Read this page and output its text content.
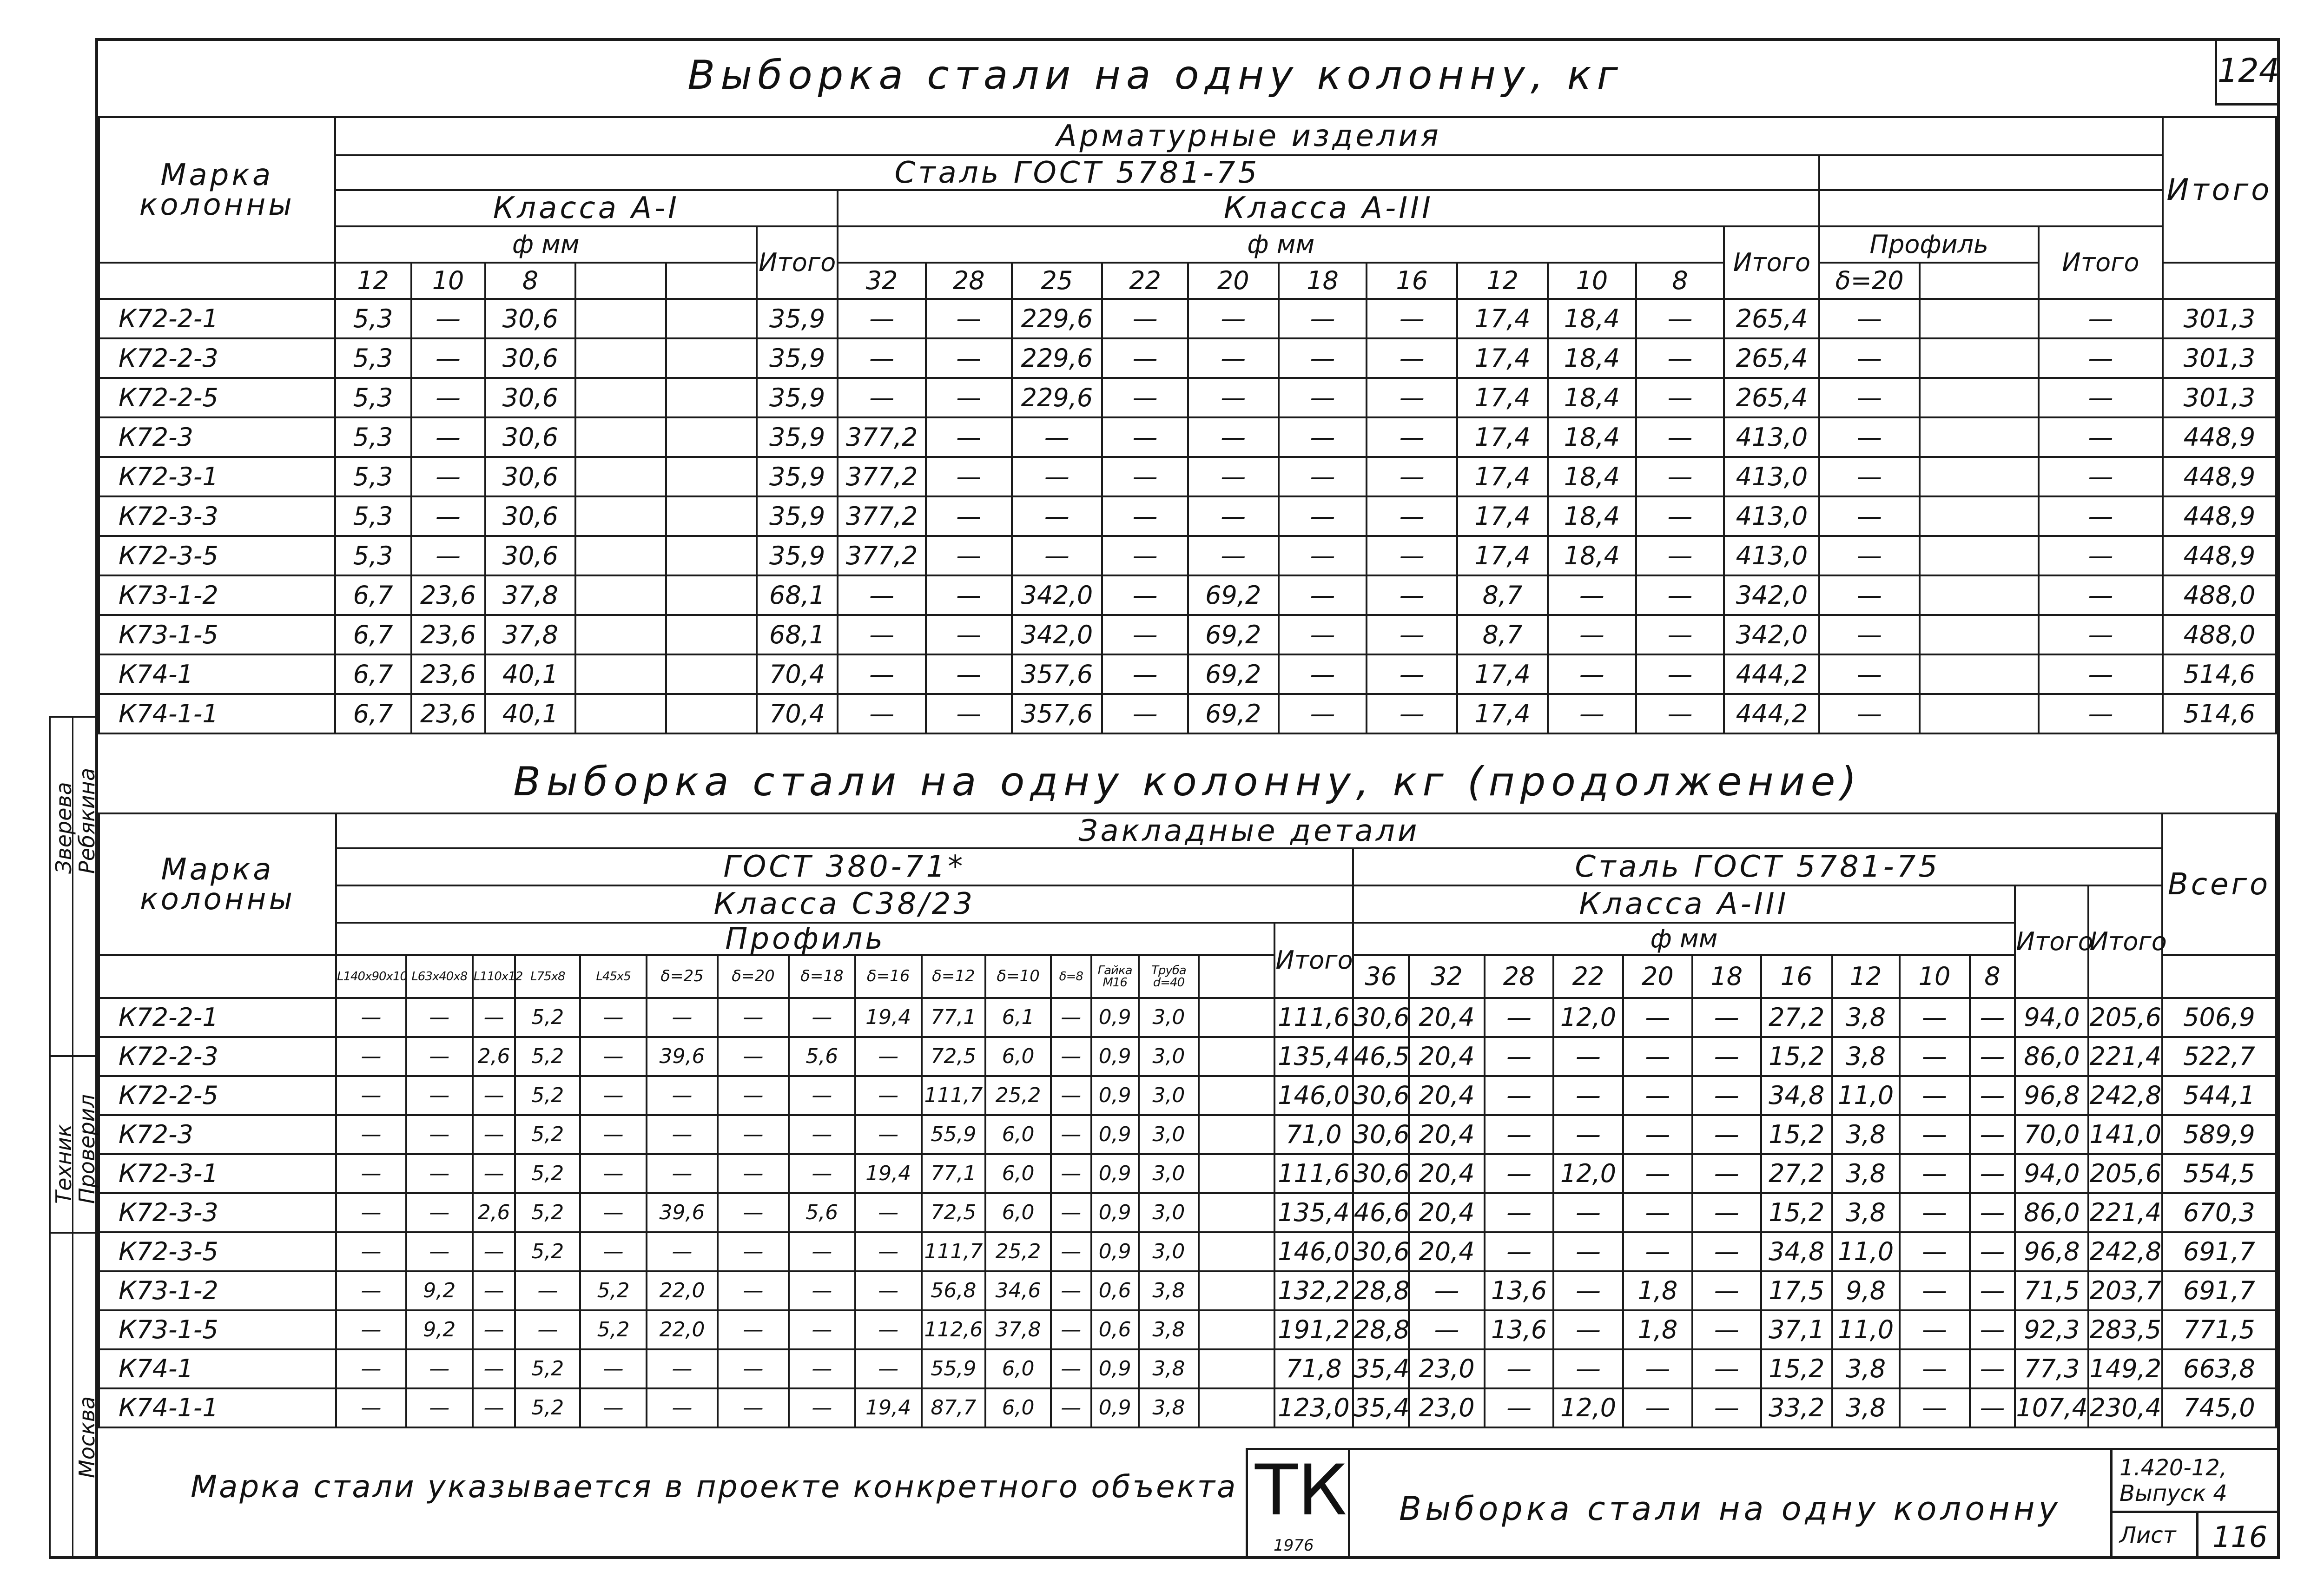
124
Выборка стали на одну колонну, кг
Марка колонны	Арматурные изделия																				Итого
	Сталь ГОСТ 5781-75																				
	Класса А-I						Класса А-III														
	ф мм					Итого	ф мм										Итого	Профиль		Итого	
	12	10	8				32	28	25	22	20	18	16	12	10	8		δ=20			
К72-2-1	5,3	—	30,6			35,9	—	—	229,6	—	—	—	—	17,4	18,4	—	265,4	—		—	301,3
К72-2-3	5,3	—	30,6			35,9	—	—	229,6	—	—	—	—	17,4	18,4	—	265,4	—		—	301,3
К72-2-5	5,3	—	30,6			35,9	—	—	229,6	—	—	—	—	17,4	18,4	—	265,4	—		—	301,3
К72-3	5,3	—	30,6			35,9	377,2	—	—	—	—	—	—	17,4	18,4	—	413,0	—		—	448,9
К72-3-1	5,3	—	30,6			35,9	377,2	—	—	—	—	—	—	17,4	18,4	—	413,0	—		—	448,9
К72-3-3	5,3	—	30,6			35,9	377,2	—	—	—	—	—	—	17,4	18,4	—	413,0	—		—	448,9
К72-3-5	5,3	—	30,6			35,9	377,2	—	—	—	—	—	—	17,4	18,4	—	413,0	—		—	448,9
К73-1-2	6,7	23,6	37,8			68,1	—	—	342,0	—	69,2	—	—	8,7	—	—	342,0	—		—	488,0
К73-1-5	6,7	23,6	37,8			68,1	—	—	342,0	—	69,2	—	—	8,7	—	—	342,0	—		—	488,0
К74-1	6,7	23,6	40,1			70,4	—	—	357,6	—	69,2	—	—	17,4	—	—	444,2	—		—	514,6
К74-1-1	6,7	23,6	40,1			70,4	—	—	357,6	—	69,2	—	—	17,4	—	—	444,2	—		—	514,6
Выборка стали на одну колонну, кг (продолжение)
Марка колонны	Закладные детали																												Всего
	ГОСТ 380-71*																Сталь ГОСТ 5781-75												
	Класса С38/23																Класса А-III										Итого	Итого	
	Профиль															Итого	ф мм												
	L140x90x10	L63x40x8	L110x12	L75x8	L45x5	δ=25	δ=20	δ=18	δ=16	δ=12	δ=10	δ=8	Гайка М16	Труба d=40			36	32	28	22	20	18	16	12	10	8			
К72-2-1	—	—	—	5,2	—	—	—	—	19,4	77,1	6,1	—	0,9	3,0		111,6	30,6	20,4	—	12,0	—	—	27,2	3,8	—	—	94,0	205,6	506,9
К72-2-3	—	—	2,6	5,2	—	39,6	—	5,6	—	72,5	6,0	—	0,9	3,0		135,4	46,5	20,4	—	—	—	—	15,2	3,8	—	—	86,0	221,4	522,7
К72-2-5	—	—	—	5,2	—	—	—	—	—	111,7	25,2	—	0,9	3,0		146,0	30,6	20,4	—	—	—	—	34,8	11,0	—	—	96,8	242,8	544,1
К72-3	—	—	—	5,2	—	—	—	—	—	55,9	6,0	—	0,9	3,0		71,0	30,6	20,4	—	—	—	—	15,2	3,8	—	—	70,0	141,0	589,9
К72-3-1	—	—	—	5,2	—	—	—	—	19,4	77,1	6,0	—	0,9	3,0		111,6	30,6	20,4	—	12,0	—	—	27,2	3,8	—	—	94,0	205,6	554,5
К72-3-3	—	—	2,6	5,2	—	39,6	—	5,6	—	72,5	6,0	—	0,9	3,0		135,4	46,6	20,4	—	—	—	—	15,2	3,8	—	—	86,0	221,4	670,3
К72-3-5	—	—	—	5,2	—	—	—	—	—	111,7	25,2	—	0,9	3,0		146,0	30,6	20,4	—	—	—	—	34,8	11,0	—	—	96,8	242,8	691,7
К73-1-2	—	9,2	—	—	5,2	22,0	—	—	—	56,8	34,6	—	0,6	3,8		132,2	28,8	—	13,6	—	1,8	—	17,5	9,8	—	—	71,5	203,7	691,7
К73-1-5	—	9,2	—	—	5,2	22,0	—	—	—	112,6	37,8	—	0,6	3,8		191,2	28,8	—	13,6	—	1,8	—	37,1	11,0	—	—	92,3	283,5	771,5
К74-1	—	—	—	5,2	—	—	—	—	—	55,9	6,0	—	0,9	3,8		71,8	35,4	23,0	—	—	—	—	15,2	3,8	—	—	77,3	149,2	663,8
К74-1-1	—	—	—	5,2	—	—	—	—	19,4	87,7	6,0	—	0,9	3,8		123,0	35,4	23,0	—	12,0	—	—	33,2	3,8	—	—	107,4	230,4	745,0
Марка стали указывается в проекте конкретного объекта ТК
1976
Выборка стали на одну колонну
1.420-12,
Выпуск 4
Лист 116
Зверева
Ребякина
Техник
Проверил
Москва
